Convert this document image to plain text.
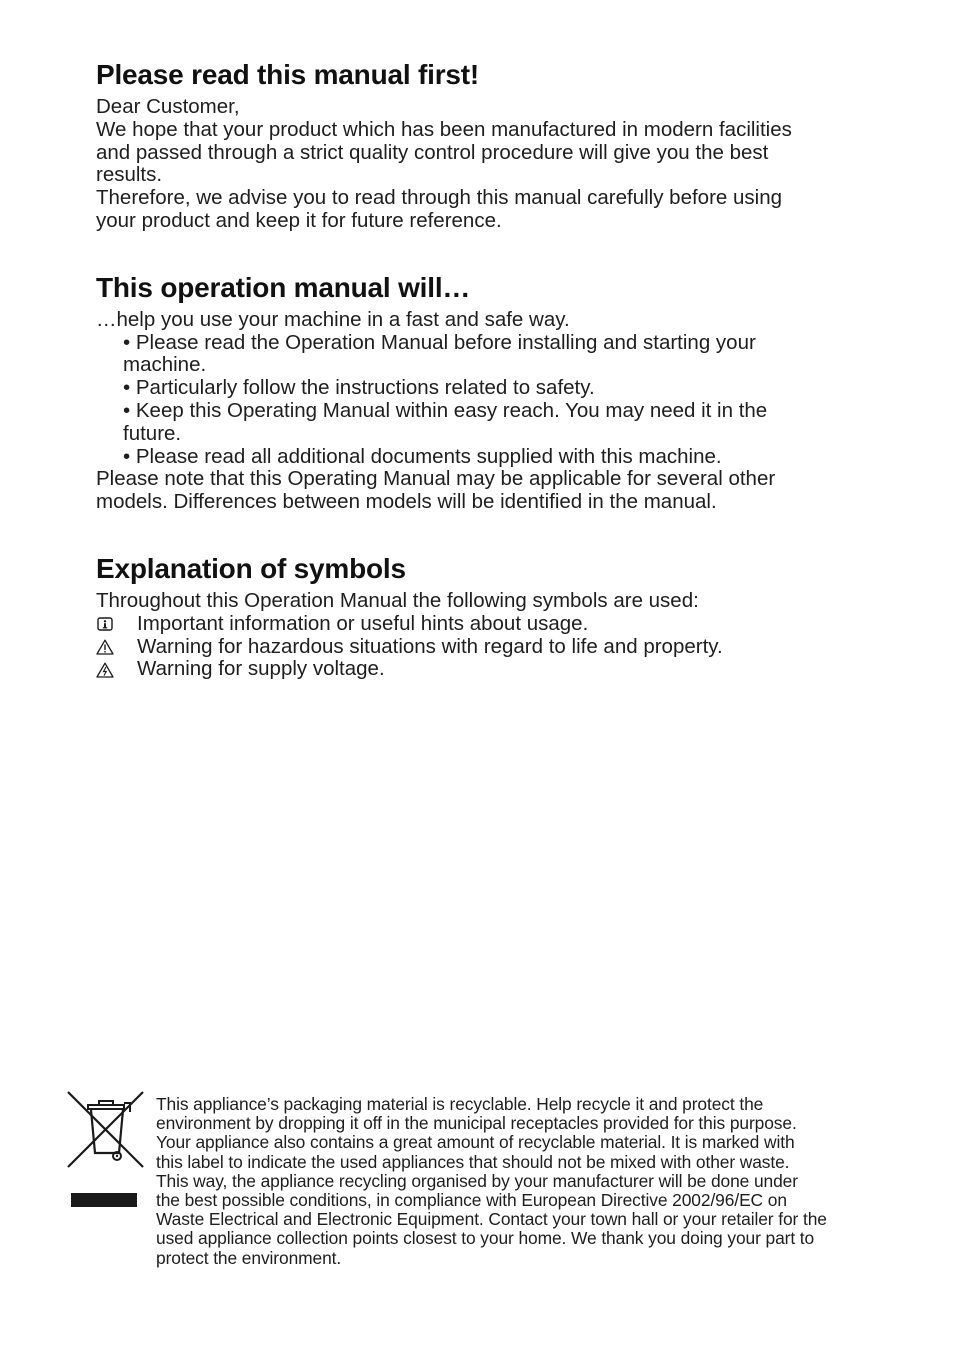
Please read this manual first!

Dear Customer,

We hope that your product which has been manufactured in modern facilities

and passed through a strict quality control procedure will give you the best

results.

Therefore, we advise you to read through this manual carefully before using

your product and keep it for future reference.

This operation manual will…

…help you use your machine in a fast and safe way.

• Please read the Operation Manual before installing and starting your

machine.

• Particularly follow the instructions related to safety.

• Keep this Operating Manual within easy reach. You may need it in the

future.

• Please read all additional documents supplied with this machine.

Please note that this Operating Manual may be applicable for several other

models. Differences between models will be identified in the manual.

Explanation of symbols

Throughout this Operation Manual the following symbols are used:

Important information or useful hints about usage.
Warning for hazardous situations with regard to life and property.
Warning for supply voltage.

This appliance’s packaging material is recyclable. Help recycle it and protect the

environment by dropping it off in the municipal receptacles provided for this purpose.

Your appliance also contains a great amount of recyclable material. It is marked with

this label to indicate the used appliances that should not be mixed with other waste.

This way, the appliance recycling organised by your manufacturer will be done under

the best possible conditions, in compliance with European Directive 2002/96/EC on

Waste Electrical and Electronic Equipment. Contact your town hall or your retailer for the

used appliance collection points closest to your home. We thank you doing your part to

protect the environment.
